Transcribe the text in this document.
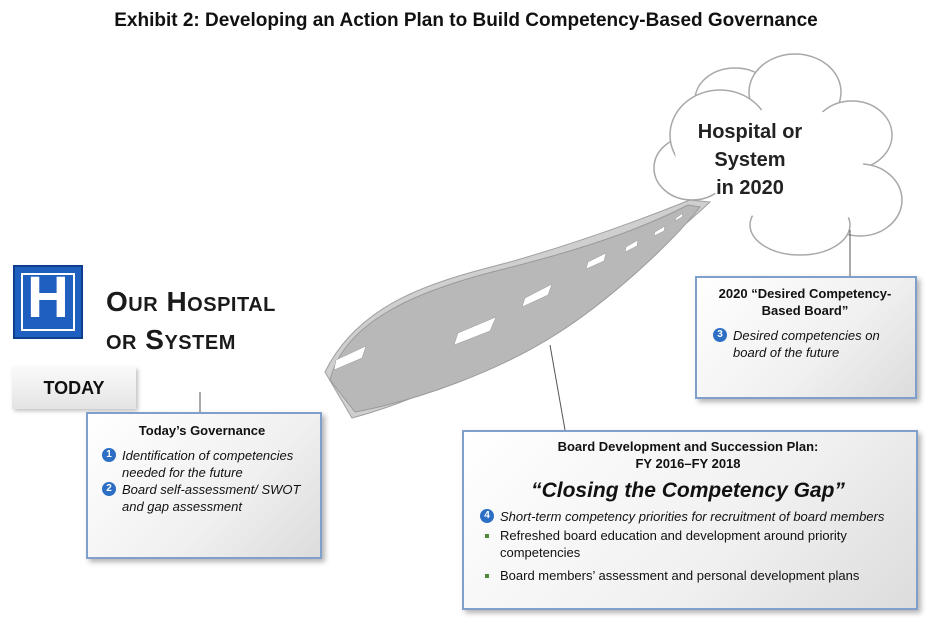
Exhibit 2: Developing an Action Plan to Build Competency-Based Governance
Hospital or
System
in 2020
H	Our Hospital
or System
TODAY
Today’s Governance
1 Identification of competencies needed for the future
2 Board self-assessment/ SWOT and gap assessment
2020 “Desired Competency-
Based Board”
3 Desired competencies on board of the future
Board Development and Succession Plan:
FY 2016–FY 2018
“Closing the Competency Gap”
4 Short-term competency priorities for recruitment of board members
Refreshed board education and development around priority competencies
Board members’ assessment and personal development plans
